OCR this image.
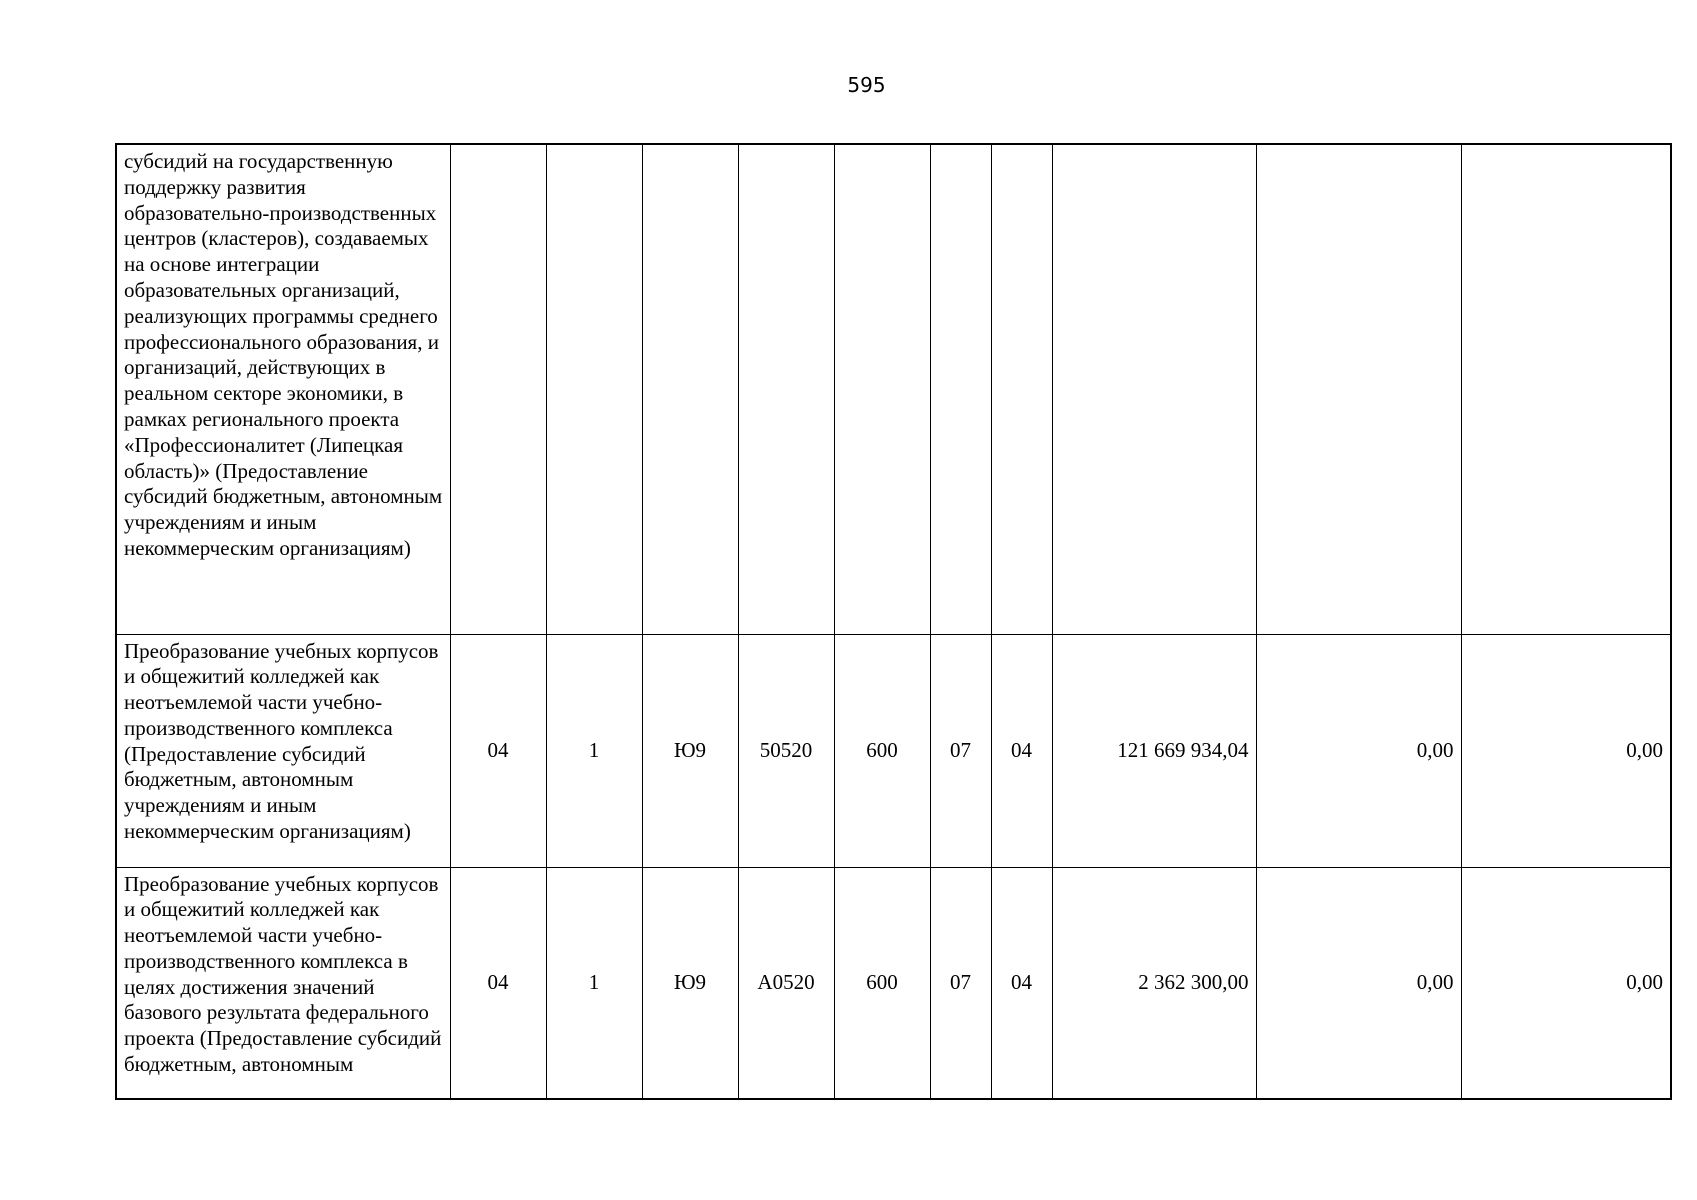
595
субсидий на государственную поддержку развития образовательно-производственных центров (кластеров), создаваемых на основе интеграции образовательных организаций, реализующих программы среднего профессионального образования, и организаций, действующих в реальном секторе экономики, в рамках регионального проекта «Профессионалитет (Липецкая область)» (Предоставление субсидий бюджетным, автономным учреждениям и иным некоммерческим организациям)										
Преобразование учебных корпусов и общежитий колледжей как неотъемлемой части учебно-производственного комплекса (Предоставление субсидий бюджетным, автономным учреждениям и иным некоммерческим организациям)	04	1	Ю9	50520	600	07	04	121 669 934,04	0,00	0,00
Преобразование учебных корпусов и общежитий колледжей как неотъемлемой части учебно-производственного комплекса в целях достижения значений базового результата федерального проекта (Предоставление субсидий бюджетным, автономным	04	1	Ю9	А0520	600	07	04	2 362 300,00	0,00	0,00
